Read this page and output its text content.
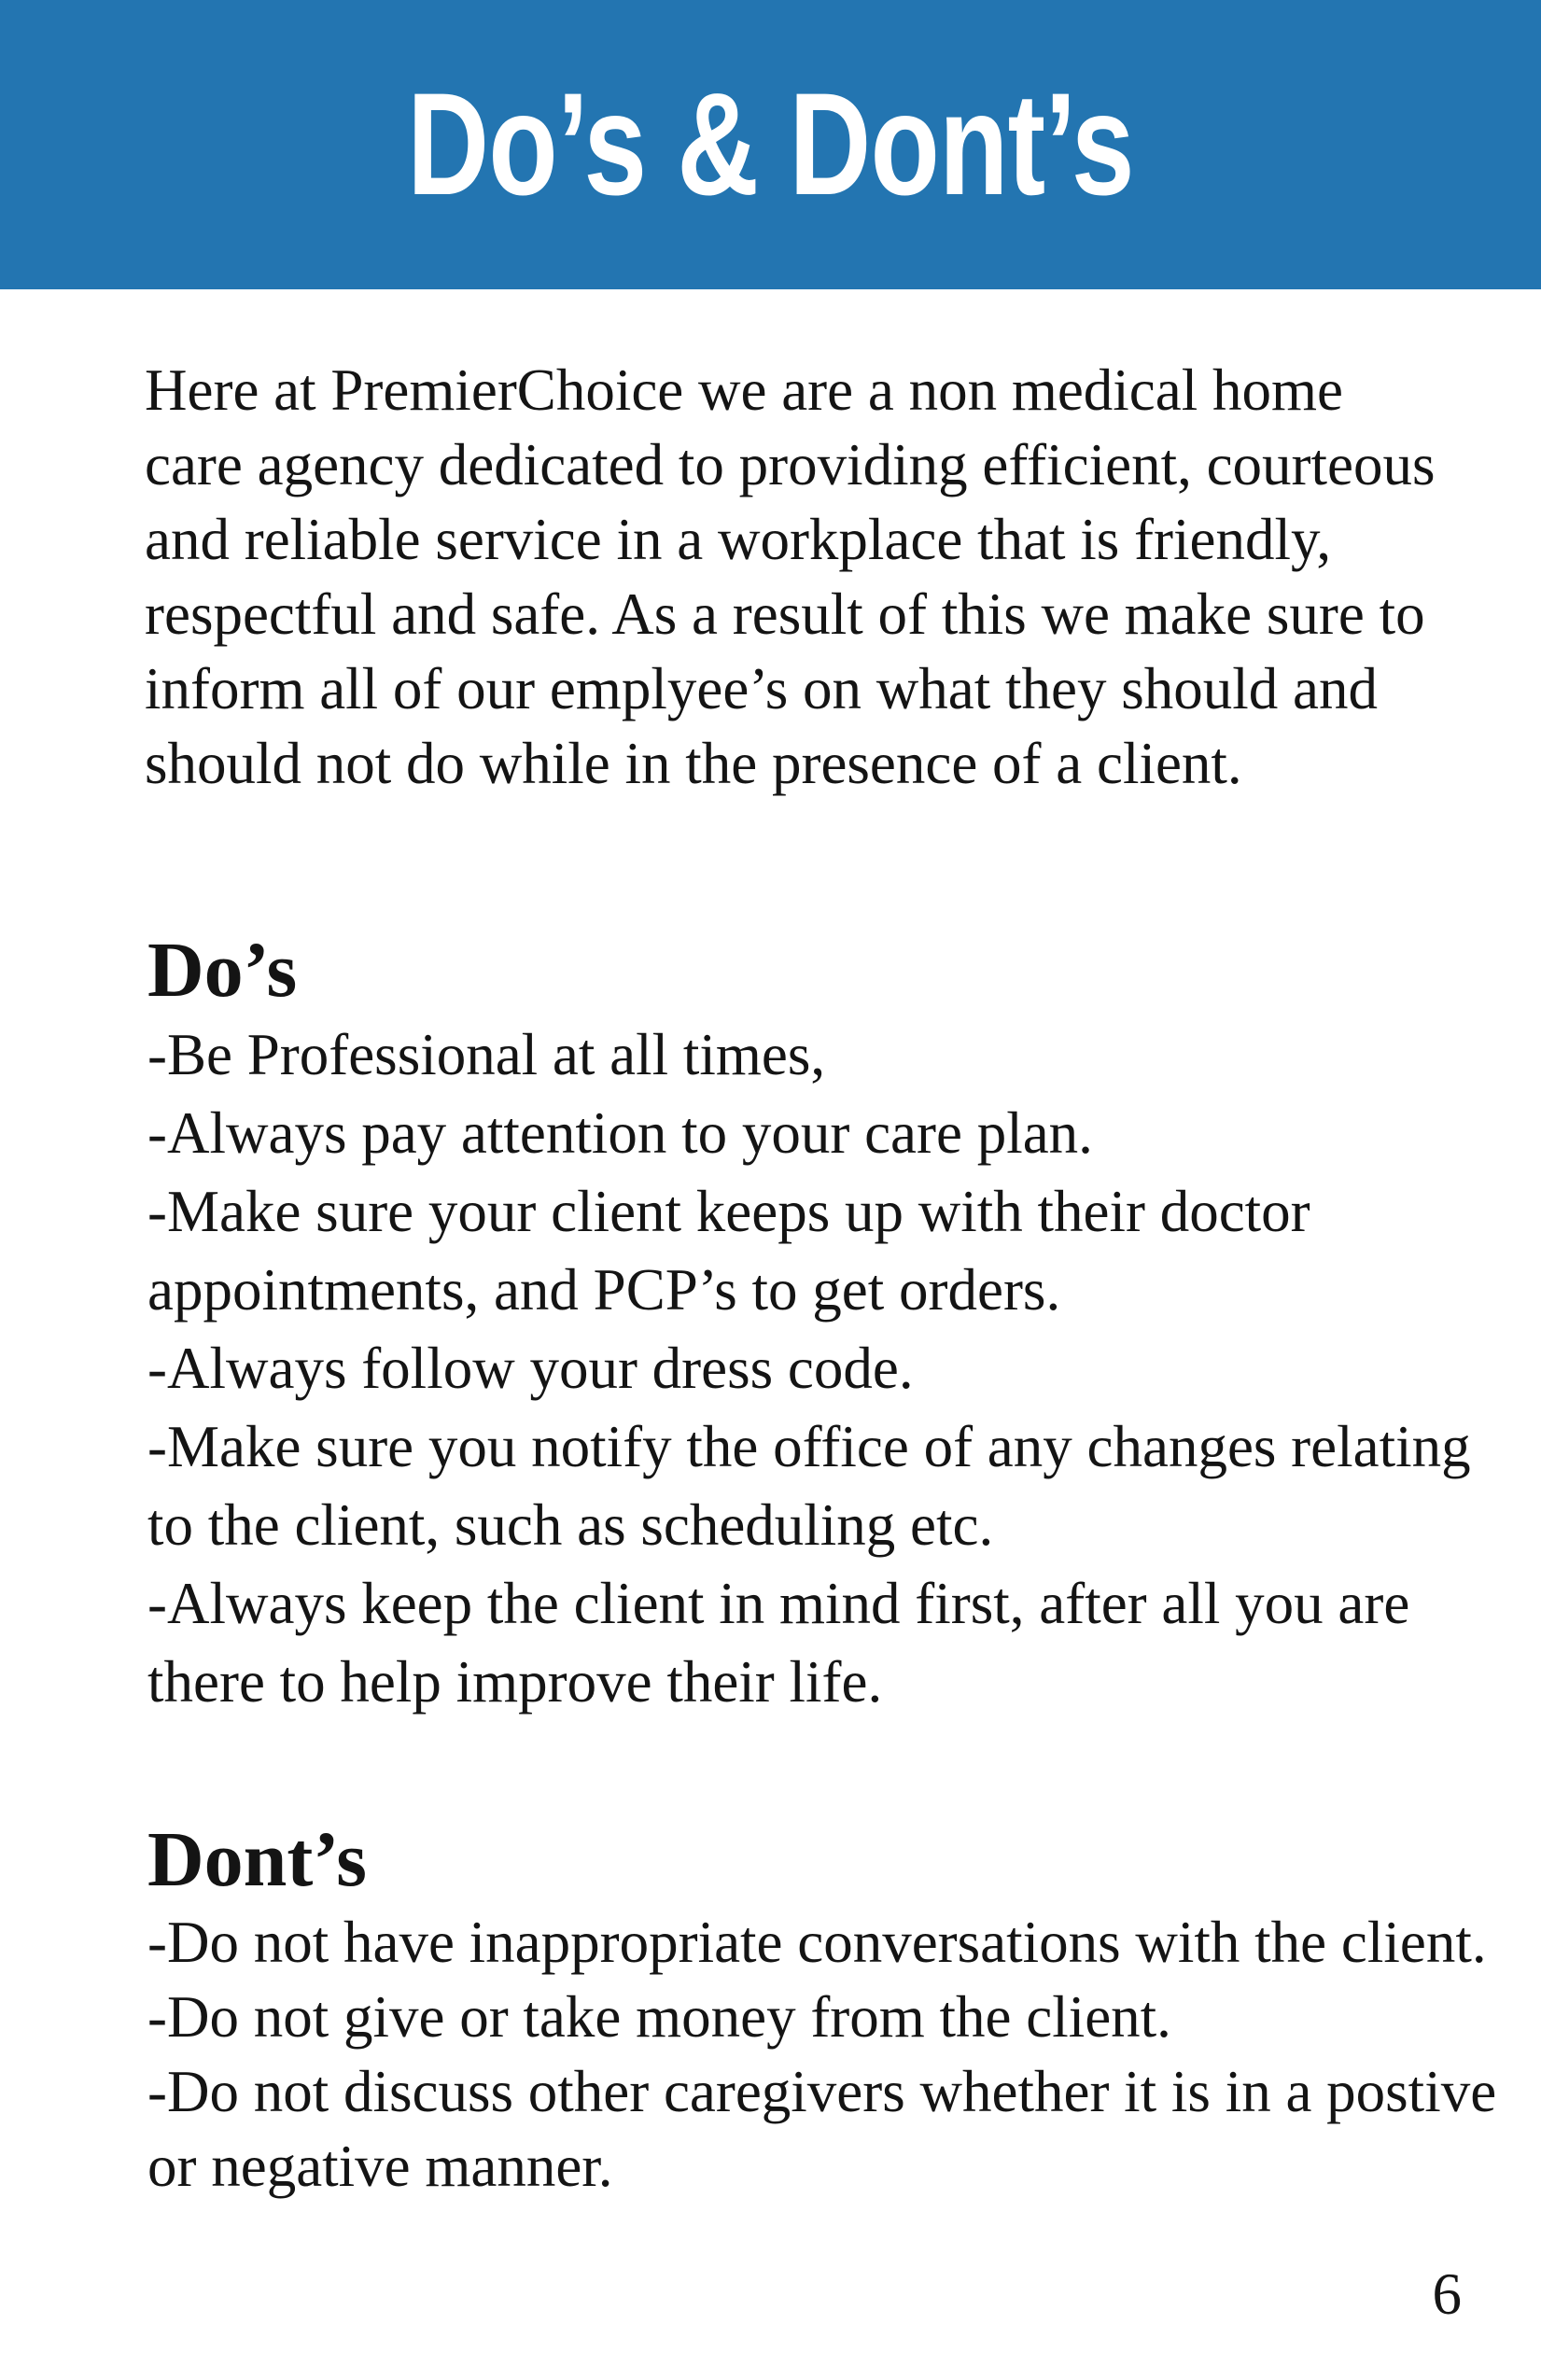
Do’s & Dont’s

Here at PremierChoice we are a non medical home care agency dedicated to providing efficient, courteous and reliable service in a workplace that is friendly, respectful and safe. As a result of this we make sure to inform all of our emplyee’s on what they should and should not do while in the presence of a client.

Do’s

-Be Professional at all times,

-Always pay attention to your care plan.

-Make sure your client keeps up with their doctor appointments, and PCP’s to get orders.

-Always follow your dress code.

-Make sure you notify the office of any changes relating to the client, such as scheduling etc.

-Always keep the client in mind first, after all you are there to help improve their life.

Dont’s

-Do not have inappropriate conversations with the client.

-Do not give or take money from the client.

-Do not discuss other caregivers whether it is in a postive or negative manner.

6
